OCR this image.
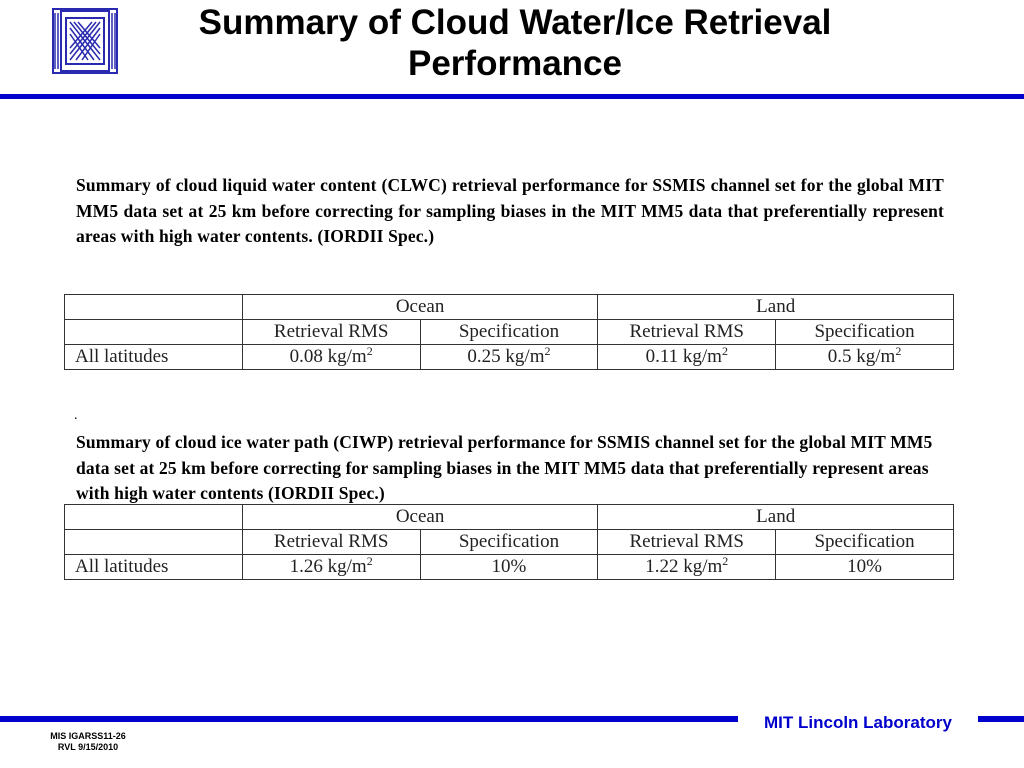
Summary of Cloud Water/Ice Retrieval
Performance

Summary of cloud liquid water content (CLWC) retrieval performance for SSMIS channel set for the global MIT MM5 data set at 25 km before correcting for sampling biases in the MIT MM5 data that preferentially represent areas with high water contents. (IORDII Spec.)

	Ocean		Land	
	Retrieval RMS	Specification	Retrieval RMS	Specification
All latitudes	0.08 $kg/m^2$	0.25 $kg/m^2$	0.11 $kg/m^2$	0.5 $kg/m^2$
.

Summary of cloud ice water path (CIWP) retrieval performance for SSMIS channel set for the global MIT MM5 data set at 25 km before correcting for sampling biases in the MIT MM5 data that preferentially represent areas with high water contents (IORDII Spec.)

	Ocean		Land	
	Retrieval RMS	Specification	Retrieval RMS	Specification
All latitudes	1.26 $kg/m^2$	10%	1.22 $kg/m^2$	10%
MIT Lincoln Laboratory
MIS IGARSS11-26
RVL 9/15/2010
